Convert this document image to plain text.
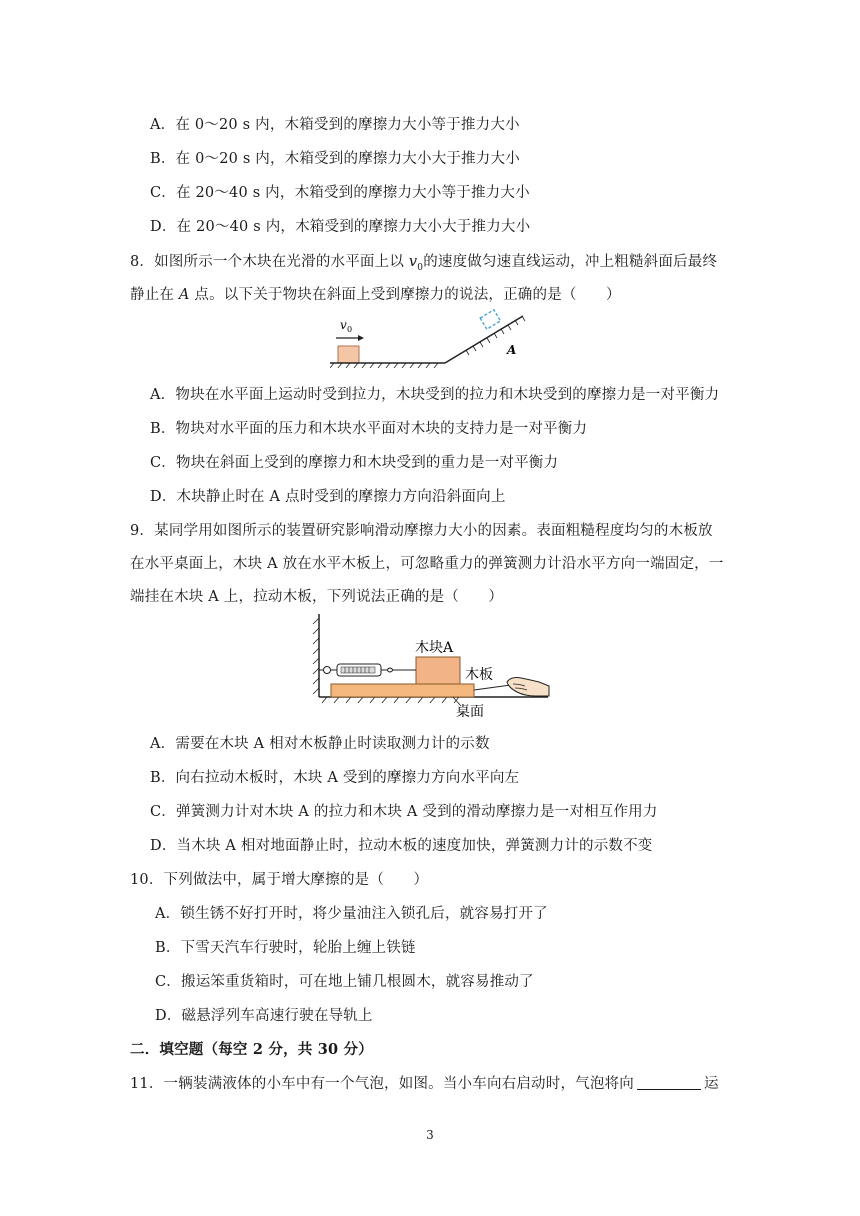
A．在 0～20 s 内，木箱受到的摩擦力大小等于推力大小
B．在 0～20 s 内，木箱受到的摩擦力大小大于推力大小
C．在 20～40 s 内，木箱受到的摩擦力大小等于推力大小
D．在 20～40 s 内，木箱受到的摩擦力大小大于推力大小
8．如图所示一个木块在光滑的水平面上以 $v_0$的速度做匀速直线运动，冲上粗糙斜面后最终
静止在 A 点。以下关于物块在斜面上受到摩擦力的说法，正确的是（　　）
v 0
A
A．物块在水平面上运动时受到拉力，木块受到的拉力和木块受到的摩擦力是一对平衡力
B．物块对水平面的压力和木块水平面对木块的支持力是一对平衡力
C．物块在斜面上受到的摩擦力和木块受到的重力是一对平衡力
D．木块静止时在 A 点时受到的摩擦力方向沿斜面向上
9．某同学用如图所示的装置研究影响滑动摩擦力大小的因素。表面粗糙程度均匀的木板放
在水平桌面上，木块 A 放在水平木板上，可忽略重力的弹簧测力计沿水平方向一端固定，一
端挂在木块 A 上，拉动木板，下列说法正确的是（　　）
木块A
木板
桌面
A．需要在木块 A 相对木板静止时读取测力计的示数
B．向右拉动木板时，木块 A 受到的摩擦力方向水平向左
C．弹簧测力计对木块 A 的拉力和木块 A 受到的滑动摩擦力是一对相互作用力
D．当木块 A 相对地面静止时，拉动木板的速度加快，弹簧测力计的示数不变
10．下列做法中，属于增大摩擦的是（　　）
A．锁生锈不好打开时，将少量油注入锁孔后，就容易打开了
B．下雪天汽车行驶时，轮胎上缠上铁链
C．搬运笨重货箱时，可在地上铺几根圆木，就容易推动了
D．磁悬浮列车高速行驶在导轨上
二．填空题（每空 2 分，共 30 分）
11．一辆装满液体的小车中有一个气泡，如图。当小车向右启动时，气泡将向	运
3
